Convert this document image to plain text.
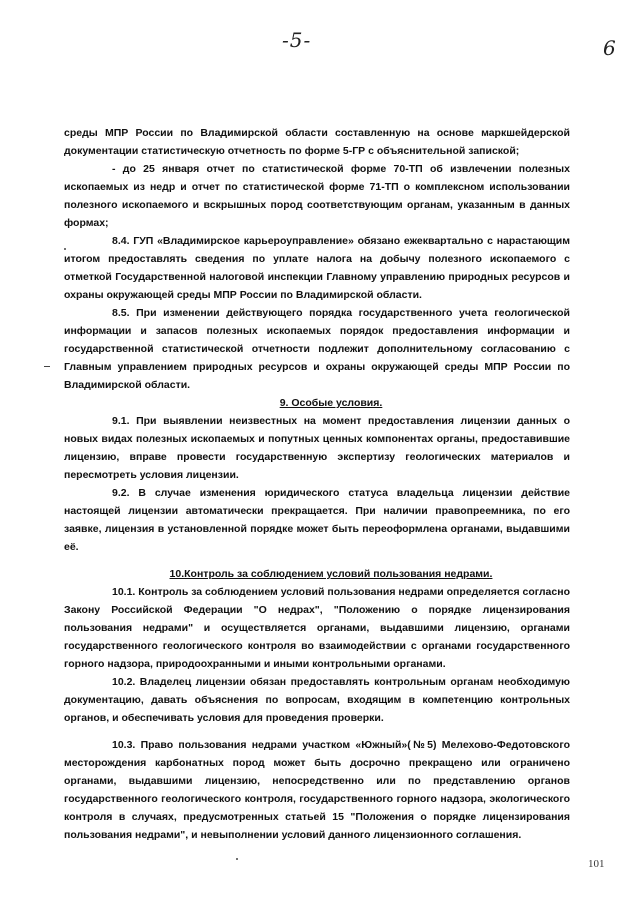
-5-	6

среды МПР России по Владимирской области составленную на основе маркшейдерской документации статистическую отчетность по форме 5-ГР с объяснительной запиской;

- до 25 января отчет по статистической форме 70-ТП об извлечении полезных ископаемых из недр и отчет по статистической форме 71-ТП о комплексном использовании полезного ископаемого и вскрышных пород соответствующим органам, указанным в данных формах;

8.4. ГУП «Владимирское карьероуправление» обязано ежеквартально с нарастающим итогом предоставлять сведения по уплате налога на добычу полезного ископаемого с отметкой Государственной налоговой инспекции Главному управлению природных ресурсов и охраны окружающей среды МПР России по Владимирской области.

8.5. При изменении действующего порядка государственного учета геологической информации и запасов полезных ископаемых порядок предоставления информации и государственной статистической отчетности подлежит дополнительному согласованию с Главным управлением природных ресурсов и охраны окружающей среды МПР России по Владимирской области.

9. Особые условия.

9.1. При выявлении неизвестных на момент предоставления лицензии данных о новых видах полезных ископаемых и попутных ценных компонентах органы, предоставившие лицензию, вправе провести государственную экспертизу геологических материалов и пересмотреть условия лицензии.

9.2. В случае изменения юридического статуса владельца лицензии действие настоящей лицензии автоматически прекращается. При наличии правопреемника, по его заявке, лицензия в установленной порядке может быть переоформлена органами, выдавшими её.

10.Контроль за соблюдением условий пользования недрами.

10.1. Контроль за соблюдением условий пользования недрами определяется согласно Закону Российской Федерации "О недрах", "Положению о порядке лицензирования пользования недрами" и осуществляется органами, выдавшими лицензию, органами государственного геологического контроля во взаимодействии с органами государственного горного надзора, природоохранными и иными контрольными органами.

10.2. Владелец лицензии обязан предоставлять контрольным органам необходимую документацию, давать объяснения по вопросам, входящим в компетенцию контрольных органов, и обеспечивать условия для проведения проверки.

10.3. Право пользования недрами участком «Южный»(№5) Мелехово-Федотовского месторождения карбонатных пород может быть досрочно прекращено или ограничено органами, выдавшими лицензию, непосредственно или по представлению органов государственного геологического контроля, государственного горного надзора, экологического контроля в случаях, предусмотренных статьей 15 "Положения о порядке лицензирования пользования недрами", и невыполнении условий данного лицензионного соглашения.

101
